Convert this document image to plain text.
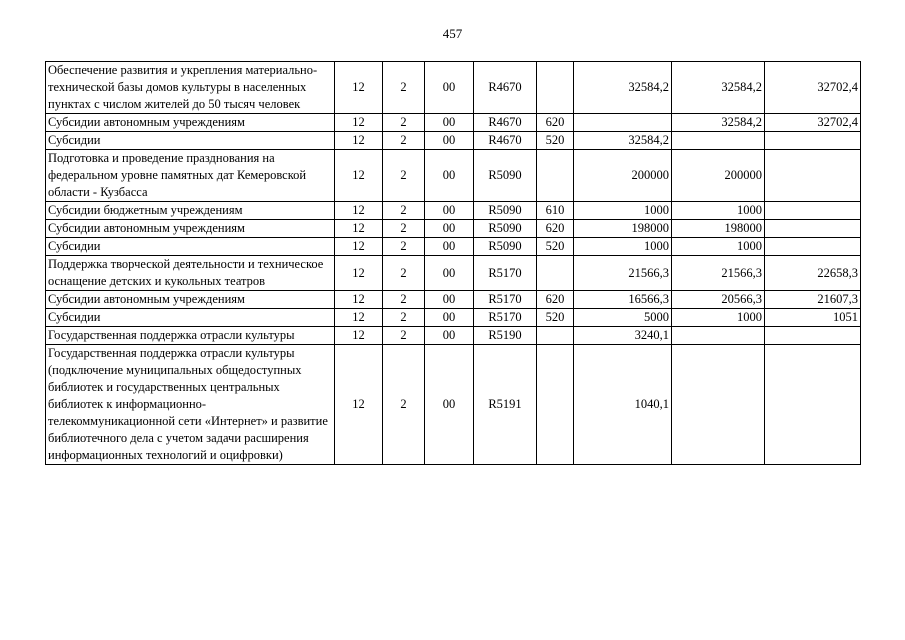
457
Обеспечение развития и укрепления материально-технической базы домов культуры в населенных пунктах с числом жителей до 50 тысяч человек	12	2	00	R4670		32584,2	32584,2	32702,4
Субсидии автономным учреждениям	12	2	00	R4670	620		32584,2	32702,4
Субсидии	12	2	00	R4670	520	32584,2		
Подготовка и проведение празднования на федеральном уровне памятных дат Кемеровской области - Кузбасса	12	2	00	R5090		200000	200000	
Субсидии бюджетным учреждениям	12	2	00	R5090	610	1000	1000	
Субсидии автономным учреждениям	12	2	00	R5090	620	198000	198000	
Субсидии	12	2	00	R5090	520	1000	1000	
Поддержка творческой деятельности и техническое оснащение детских и кукольных театров	12	2	00	R5170		21566,3	21566,3	22658,3
Субсидии автономным учреждениям	12	2	00	R5170	620	16566,3	20566,3	21607,3
Субсидии	12	2	00	R5170	520	5000	1000	1051
Государственная поддержка отрасли культуры	12	2	00	R5190		3240,1		
Государственная поддержка отрасли культуры (подключение муниципальных общедоступных библиотек и государственных центральных библиотек к информационно-телекоммуникационной сети «Интернет» и развитие библиотечного дела с учетом задачи расширения информационных технологий и оцифровки)	12	2	00	R5191		1040,1		
